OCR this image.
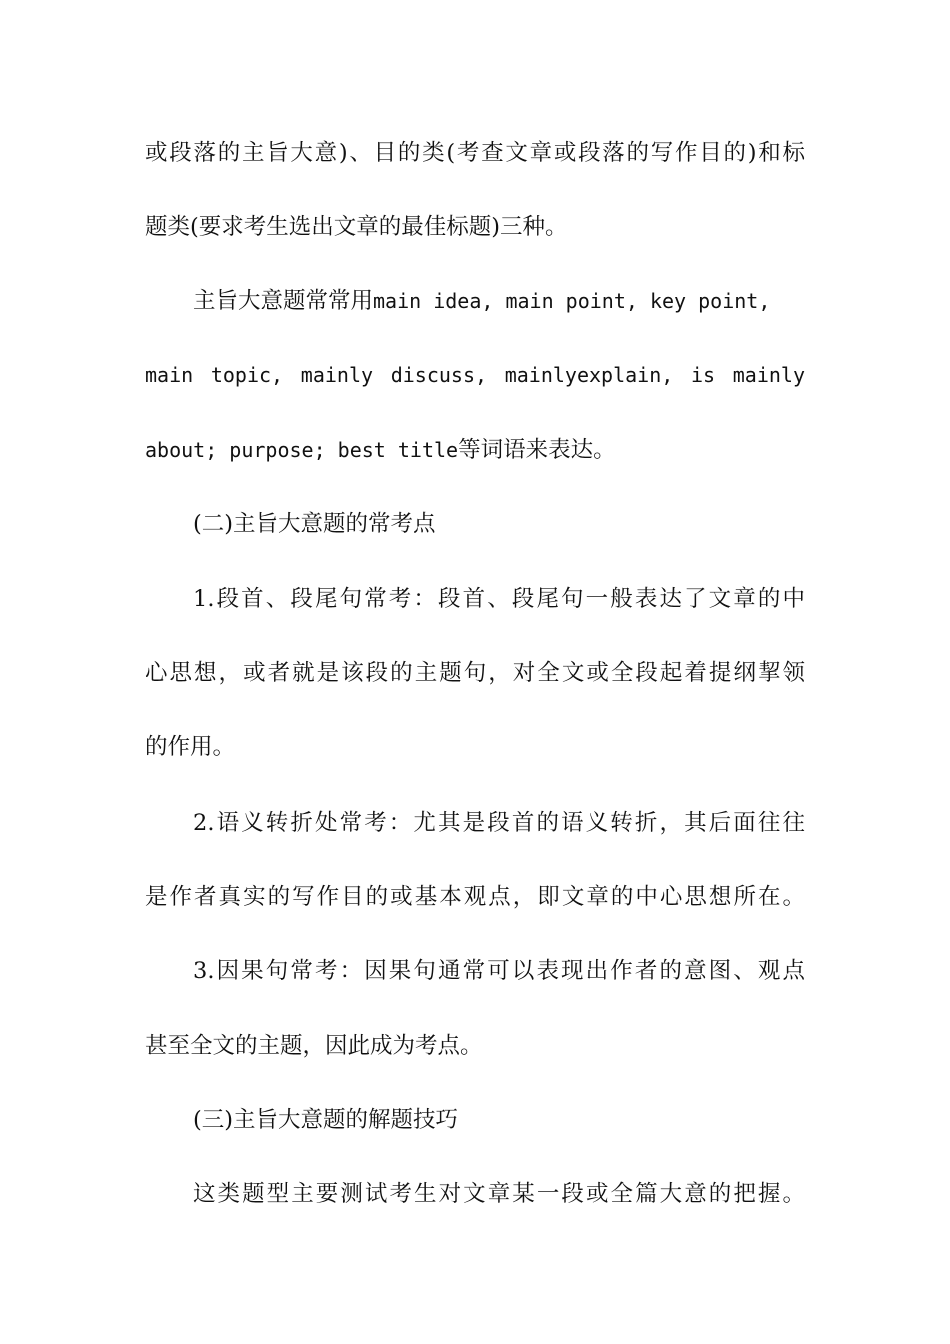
或段落的主旨大意)、目的类(考查文章或段落的写作目的)和标
题类(要求考生选出文章的最佳标题)三种。
主旨大意题常常用main idea, main point, key point,
main topic, mainly discuss, mainlyexplain, is mainly
about; purpose; best title等词语来表达。
(二)主旨大意题的常考点
1.段首、段尾句常考：段首、段尾句一般表达了文章的中
心思想，或者就是该段的主题句，对全文或全段起着提纲挈领
的作用。
2.语义转折处常考：尤其是段首的语义转折，其后面往往
是作者真实的写作目的或基本观点，即文章的中心思想所在。
3.因果句常考：因果句通常可以表现出作者的意图、观点
甚至全文的主题，因此成为考点。
(三)主旨大意题的解题技巧
这类题型主要测试考生对文章某一段或全篇大意的把握。
